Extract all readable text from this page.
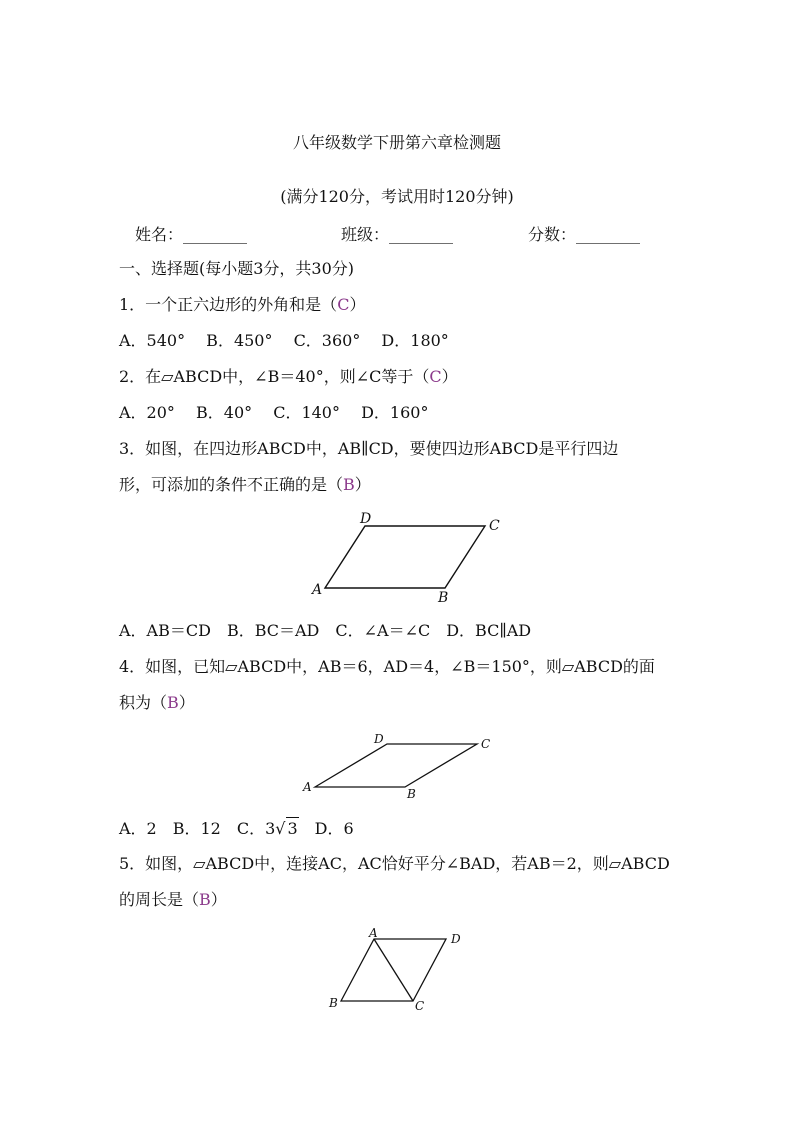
八年级数学下册第六章检测题
(满分120分，考试用时120分钟)
姓名：________	班级：________	分数：________
一、选择题(每小题3分，共30分)
1．一个正六边形的外角和是（C）
A．540°　 B．450°　 C．360°　 D．180°
2．在▱ABCD中，∠B＝40°，则∠C等于（C）
A．20°　 B．40°　 C．140°　 D．160°
3．如图，在四边形ABCD中，AB∥CD，要使四边形ABCD是平行四边
形，可添加的条件不正确的是（B）
D	C
A	B
A．AB＝CD　B．BC＝AD　C．∠A＝∠C　D．BC∥AD
4．如图，已知▱ABCD中，AB＝6，AD＝4，∠B＝150°，则▱ABCD的面
积为（B）
D	C
A	B
A．2　B．12　C．3√ 3　D．6
5．如图，▱ABCD中，连接AC，AC恰好平分∠BAD，若AB＝2，则▱ABCD
的周长是（B）
A	D
B	C
